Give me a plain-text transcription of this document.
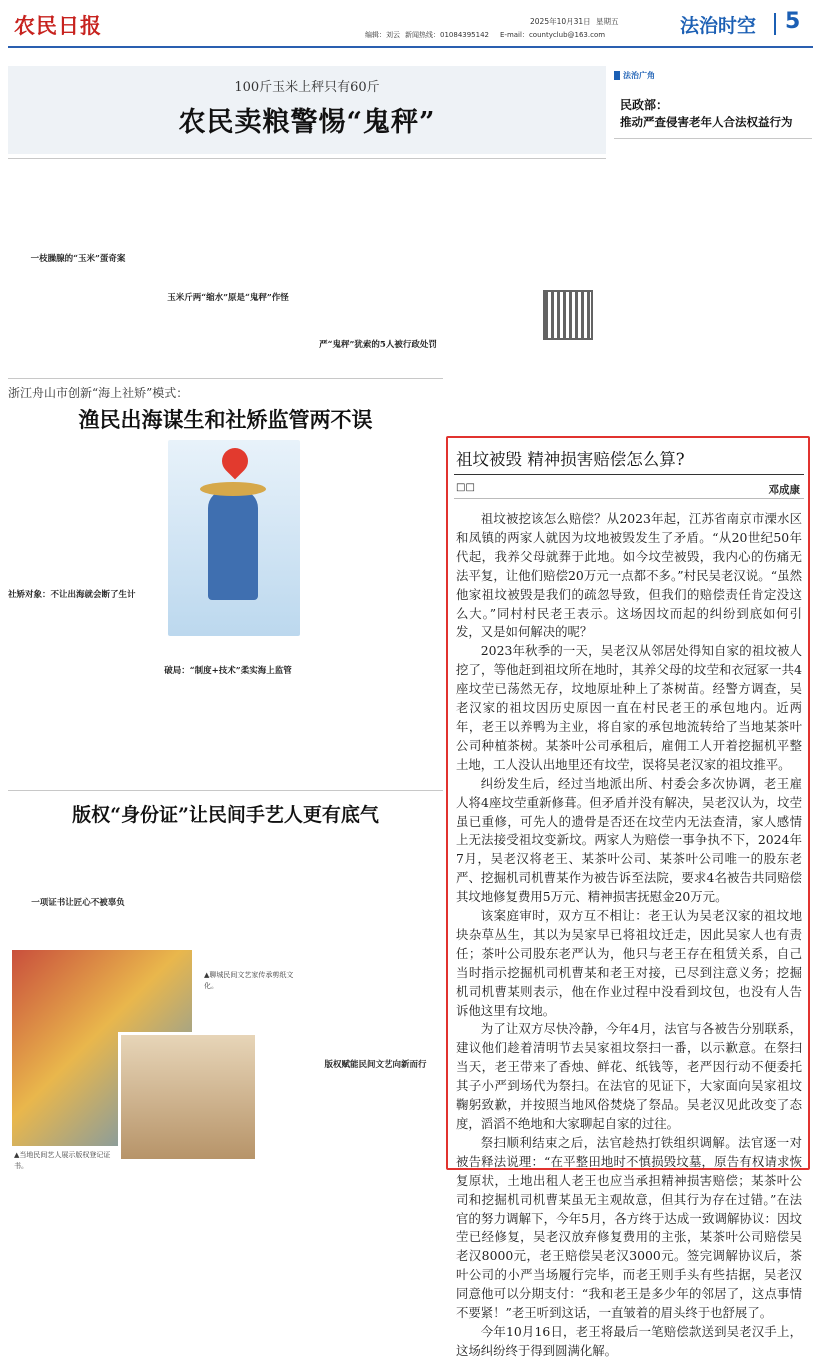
农民日报	编辑：刘云 新闻热线：01084395142 E-mail：countyclub@163.com
2025年10月31日 星期五	法治时空 5
100斤玉米上秤只有60斤
农民卖粮警惕“鬼秤”
一枝臊腺的“玉米”蛋奇案
玉米斤两“缩水”原是“鬼秤”作怪
严“鬼秤”犹索的5人被行政处罚
法治广角
民政部：
推动严查侵害老年人合法权益行为
浙江舟山市创新“海上社矫”模式：
渔民出海谋生和社矫监管两不误
社矫对象：不让出海就会断了生计
破局：“制度+技术”柔实海上监管
版权“身份证”让民间手艺人更有底气
一项证书让匠心不被辜负
▲聊城民间文艺家传承剪纸文化。
▲当地民间艺人展示版权登记证书。
版权赋能民间文艺向新而行
祖坟被毁 精神损害赔偿怎么算?
□□	邓成康

祖坟被挖该怎么赔偿？从2023年起，江苏省南京市溧水区和凤镇的两家人就因为坟地被毁发生了矛盾。“从20世纪50年代起，我养父母就葬于此地。如今坟茔被毁，我内心的伤痛无法平复，让他们赔偿20万元一点都不多。”村民吴老汉说。“虽然他家祖坟被毁是我们的疏忽导致，但我们的赔偿责任肯定没这么大。”同村村民老王表示。这场因坟而起的纠纷到底如何引发，又是如何解决的呢？

2023年秋季的一天，吴老汉从邻居处得知自家的祖坟被人挖了，等他赶到祖坟所在地时，其养父母的坟茔和衣冠冢一共4座坟茔已荡然无存，坟地原址种上了茶树苗。经警方调查，吴老汉家的祖坟因历史原因一直在村民老王的承包地内。近两年，老王以养鸭为主业，将自家的承包地流转给了当地某茶叶公司种植茶树。某茶叶公司承租后，雇佣工人开着挖掘机平整土地，工人没认出地里还有坟茔，误将吴老汉家的祖坟推平。

纠纷发生后，经过当地派出所、村委会多次协调，老王雇人将4座坟茔重新修葺。但矛盾并没有解决，吴老汉认为，坟茔虽已重修，可先人的遗骨是否还在坟茔内无法查清，家人感情上无法接受祖坟变新坟。两家人为赔偿一事争执不下，2024年7月，吴老汉将老王、某茶叶公司、某茶叶公司唯一的股东老严、挖掘机司机曹某作为被告诉至法院，要求4名被告共同赔偿其坟地修复费用5万元、精神损害抚慰金20万元。

该案庭审时，双方互不相让：老王认为吴老汉家的祖坟地块杂草丛生，其以为吴家早已将祖坟迁走，因此吴家人也有责任；茶叶公司股东老严认为，他只与老王存在租赁关系，自己当时指示挖掘机司机曹某和老王对接，已尽到注意义务；挖掘机司机曹某则表示，他在作业过程中没看到坟包，也没有人告诉他这里有坟地。

为了让双方尽快冷静，今年4月，法官与各被告分别联系，建议他们趁着清明节去吴家祖坟祭扫一番，以示歉意。在祭扫当天，老王带来了香烛、鲜花、纸钱等，老严因行动不便委托其子小严到场代为祭扫。在法官的见证下，大家面向吴家祖坟鞠躬致歉，并按照当地风俗焚烧了祭品。吴老汉见此改变了态度，滔滔不绝地和大家聊起自家的过往。

祭扫顺利结束之后，法官趁热打铁组织调解。法官逐一对被告释法说理：“在平整田地时不慎损毁坟墓，原告有权请求恢复原状，土地出租人老王也应当承担精神损害赔偿；某茶叶公司和挖掘机司机曹某虽无主观故意，但其行为存在过错。”在法官的努力调解下，今年5月，各方终于达成一致调解协议：因坟茔已经修复，吴老汉放弃修复费用的主张，某茶叶公司赔偿吴老汉8000元，老王赔偿吴老汉3000元。签完调解协议后，茶叶公司的小严当场履行完毕，而老王则手头有些拮据，吴老汉同意他可以分期支付：“我和老王是多少年的邻居了，这点事情不要紧！”老王听到这话，一直皱着的眉头终于也舒展了。

今年10月16日，老王将最后一笔赔偿款送到吴老汉手上，这场纠纷终于得到圆满化解。
